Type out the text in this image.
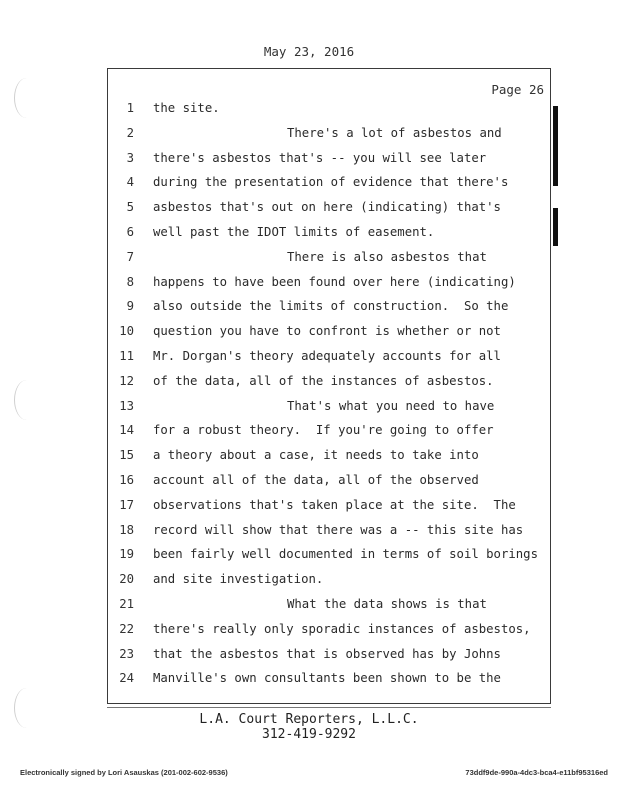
May 23, 2016
Page 26
1 the site.
2	There's a lot of asbestos and
3 there's asbestos that's -- you will see later
4 during the presentation of evidence that there's
5 asbestos that's out on here (indicating) that's
6 well past the IDOT limits of easement.
7	There is also asbestos that
8 happens to have been found over here (indicating)
9 also outside the limits of construction.  So the
10 question you have to confront is whether or not
11 Mr. Dorgan's theory adequately accounts for all
12 of the data, all of the instances of asbestos.
13	That's what you need to have
14 for a robust theory.  If you're going to offer
15 a theory about a case, it needs to take into
16 account all of the data, all of the observed
17 observations that's taken place at the site.  The
18 record will show that there was a -- this site has
19 been fairly well documented in terms of soil borings
20 and site investigation.
21	What the data shows is that
22 there's really only sporadic instances of asbestos,
23 that the asbestos that is observed has by Johns
24 Manville's own consultants been shown to be the
L.A. Court Reporters, L.L.C.
312-419-9292
Electronically signed by Lori Asauskas (201-002-602-9536)	73ddf9de-990a-4dc3-bca4-e11bf95316ed
